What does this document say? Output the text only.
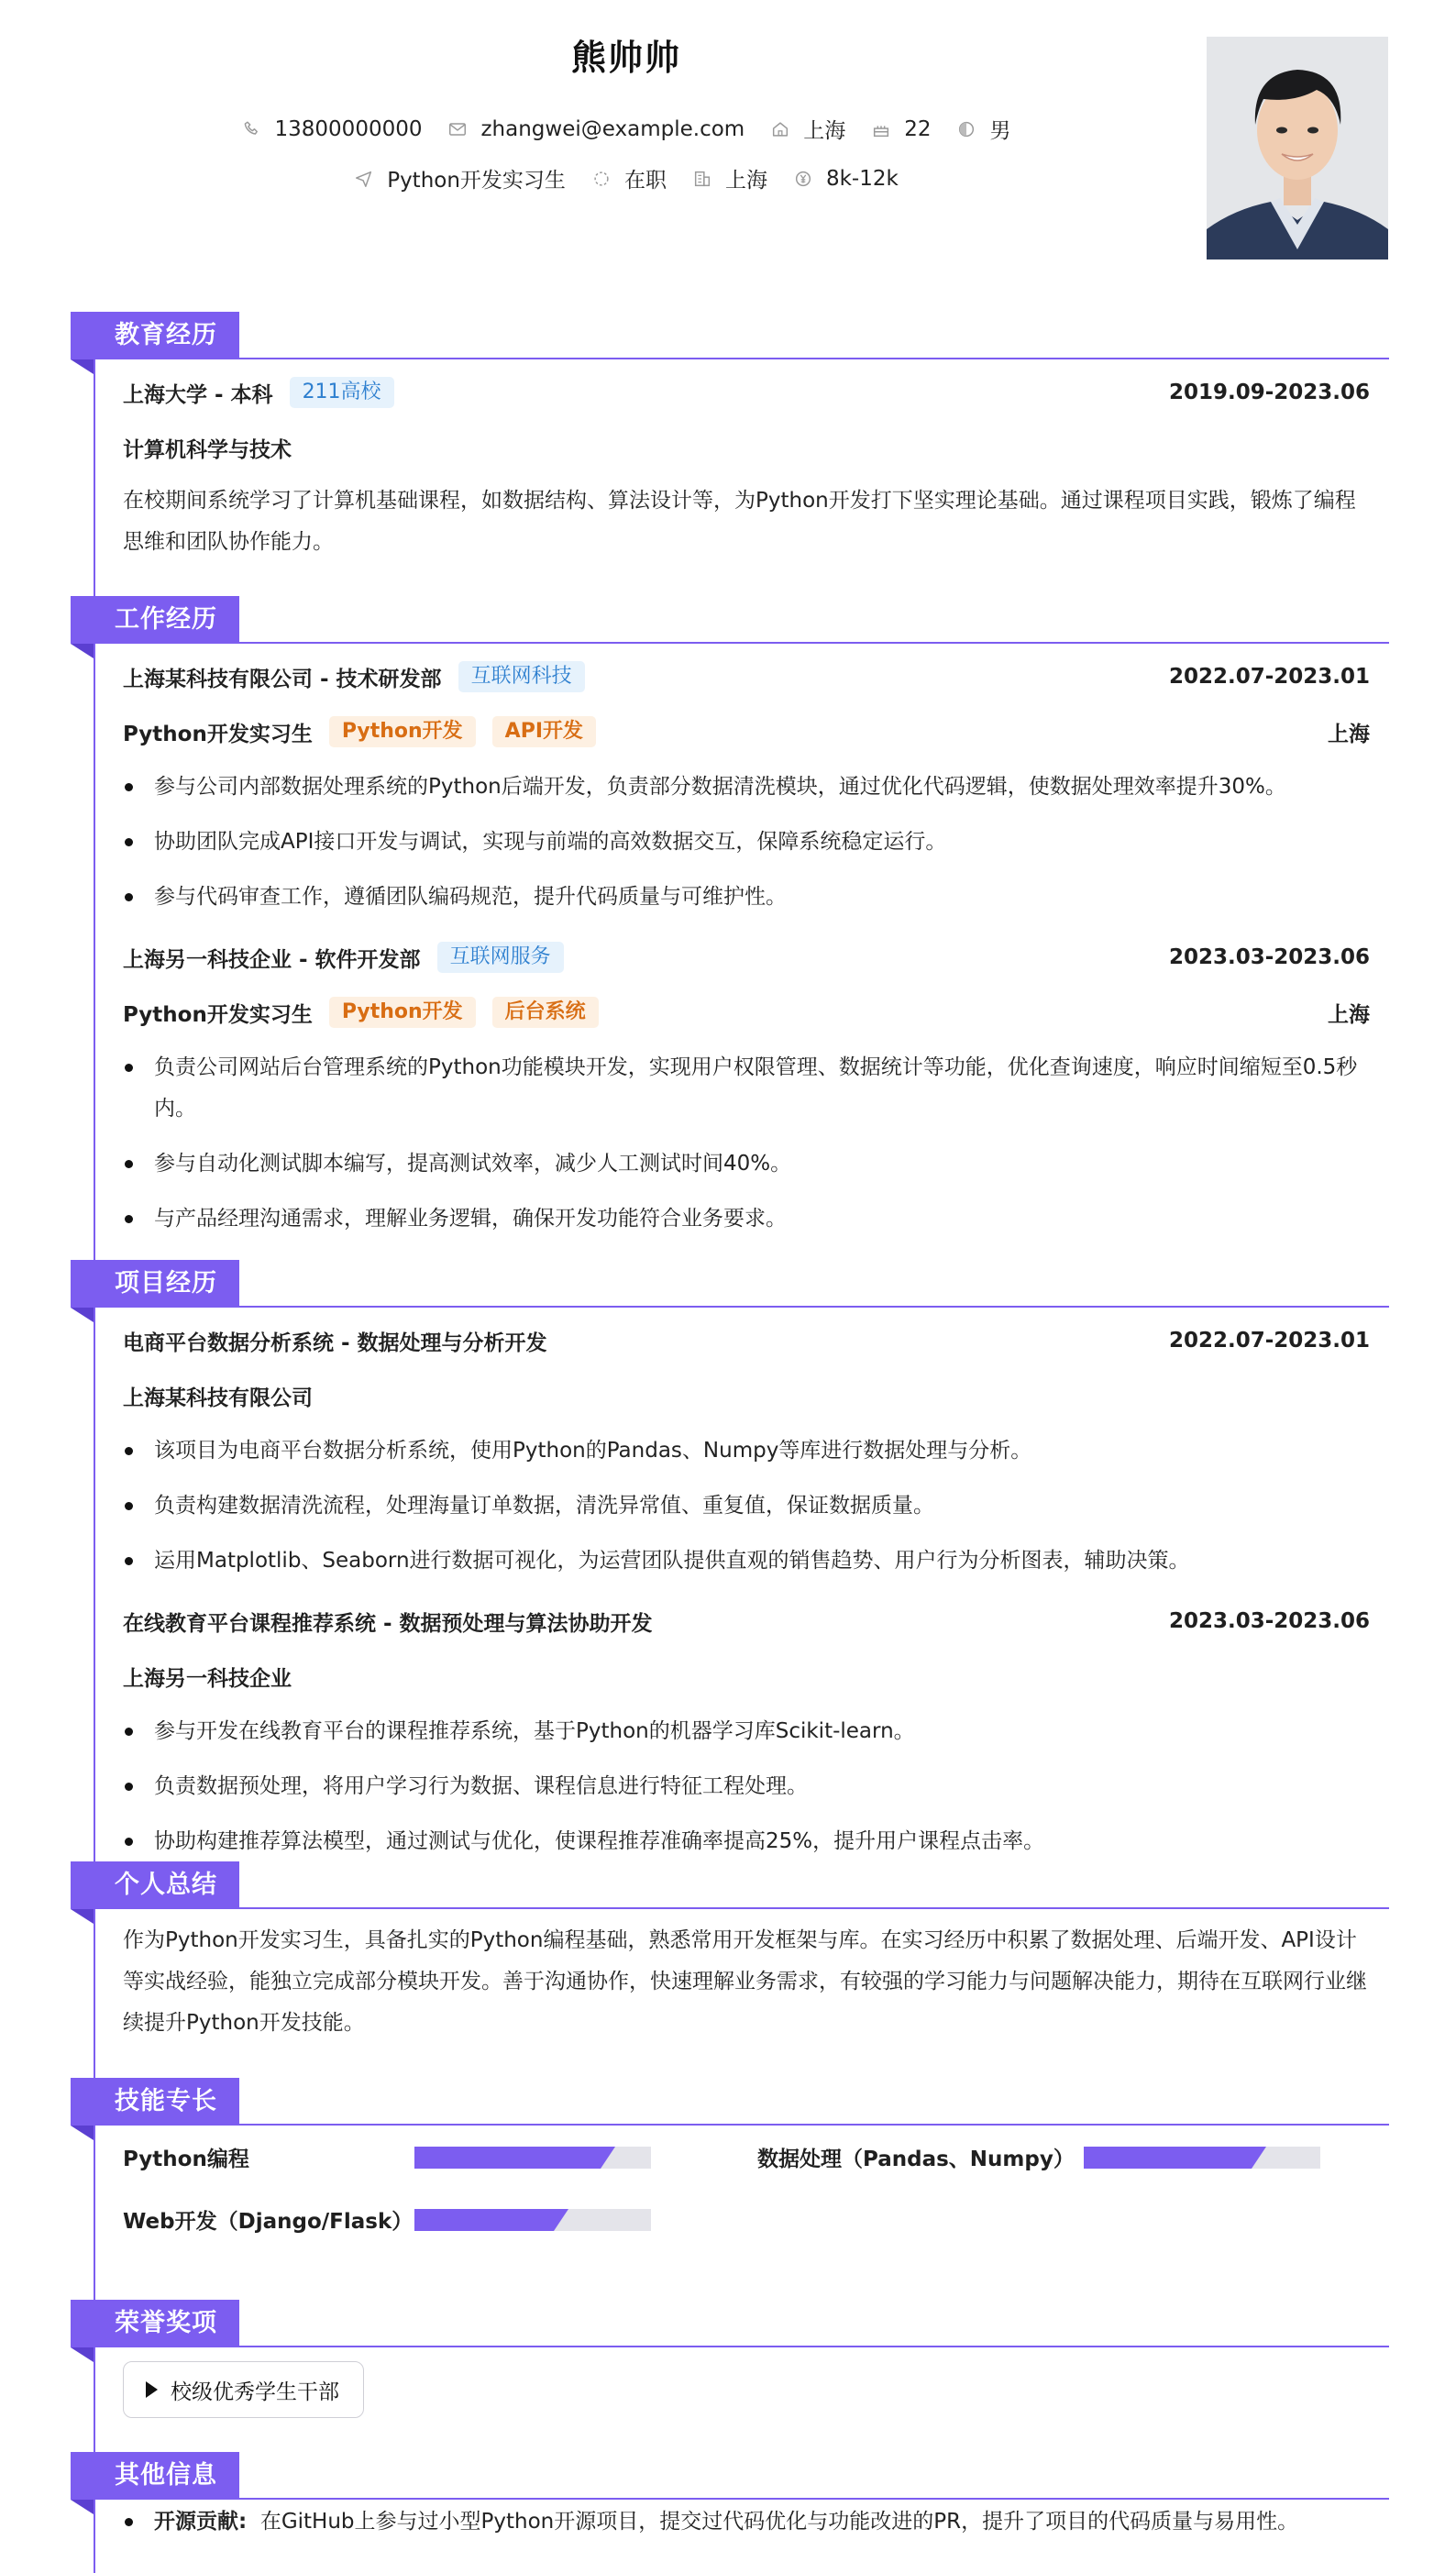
熊帅帅
13800000000	zhangwei@example.com	上海	22	男
Python开发实习生	在职	上海	8k-12k
教育经历
上海大学 - 本科	211高校	2019.09-2023.06
计算机科学与技术
在校期间系统学习了计算机基础课程，如数据结构、算法设计等，为Python开发打下坚实理论基础。通过课程项目实践，锻炼了编程思维和团队协作能力。
工作经历
上海某科技有限公司 - 技术研发部	互联网科技	2022.07-2023.01
Python开发实习生	Python开发	API开发	上海
参与公司内部数据处理系统的Python后端开发，负责部分数据清洗模块，通过优化代码逻辑，使数据处理效率提升30%。
协助团队完成API接口开发与调试，实现与前端的高效数据交互，保障系统稳定运行。
参与代码审查工作，遵循团队编码规范，提升代码质量与可维护性。
上海另一科技企业 - 软件开发部	互联网服务	2023.03-2023.06
Python开发实习生	Python开发	后台系统	上海
负责公司网站后台管理系统的Python功能模块开发，实现用户权限管理、数据统计等功能，优化查询速度，响应时间缩短至0.5秒内。
参与自动化测试脚本编写，提高测试效率，减少人工测试时间40%。
与产品经理沟通需求，理解业务逻辑，确保开发功能符合业务要求。
项目经历
电商平台数据分析系统 - 数据处理与分析开发	2022.07-2023.01
上海某科技有限公司
该项目为电商平台数据分析系统，使用Python的Pandas、Numpy等库进行数据处理与分析。
负责构建数据清洗流程，处理海量订单数据，清洗异常值、重复值，保证数据质量。
运用Matplotlib、Seaborn进行数据可视化，为运营团队提供直观的销售趋势、用户行为分析图表，辅助决策。
在线教育平台课程推荐系统 - 数据预处理与算法协助开发	2023.03-2023.06
上海另一科技企业
参与开发在线教育平台的课程推荐系统，基于Python的机器学习库Scikit-learn。
负责数据预处理，将用户学习行为数据、课程信息进行特征工程处理。
协助构建推荐算法模型，通过测试与优化，使课程推荐准确率提高25%，提升用户课程点击率。
个人总结
作为Python开发实习生，具备扎实的Python编程基础，熟悉常用开发框架与库。在实习经历中积累了数据处理、后端开发、API设计等实战经验，能独立完成部分模块开发。善于沟通协作，快速理解业务需求，有较强的学习能力与问题解决能力，期待在互联网行业继续提升Python开发技能。
技能专长
Python编程	数据处理（Pandas、Numpy）
Web开发（Django/Flask）
荣誉奖项
校级优秀学生干部
其他信息
开源贡献: 在GitHub上参与过小型Python开源项目，提交过代码优化与功能改进的PR，提升了项目的代码质量与易用性。
